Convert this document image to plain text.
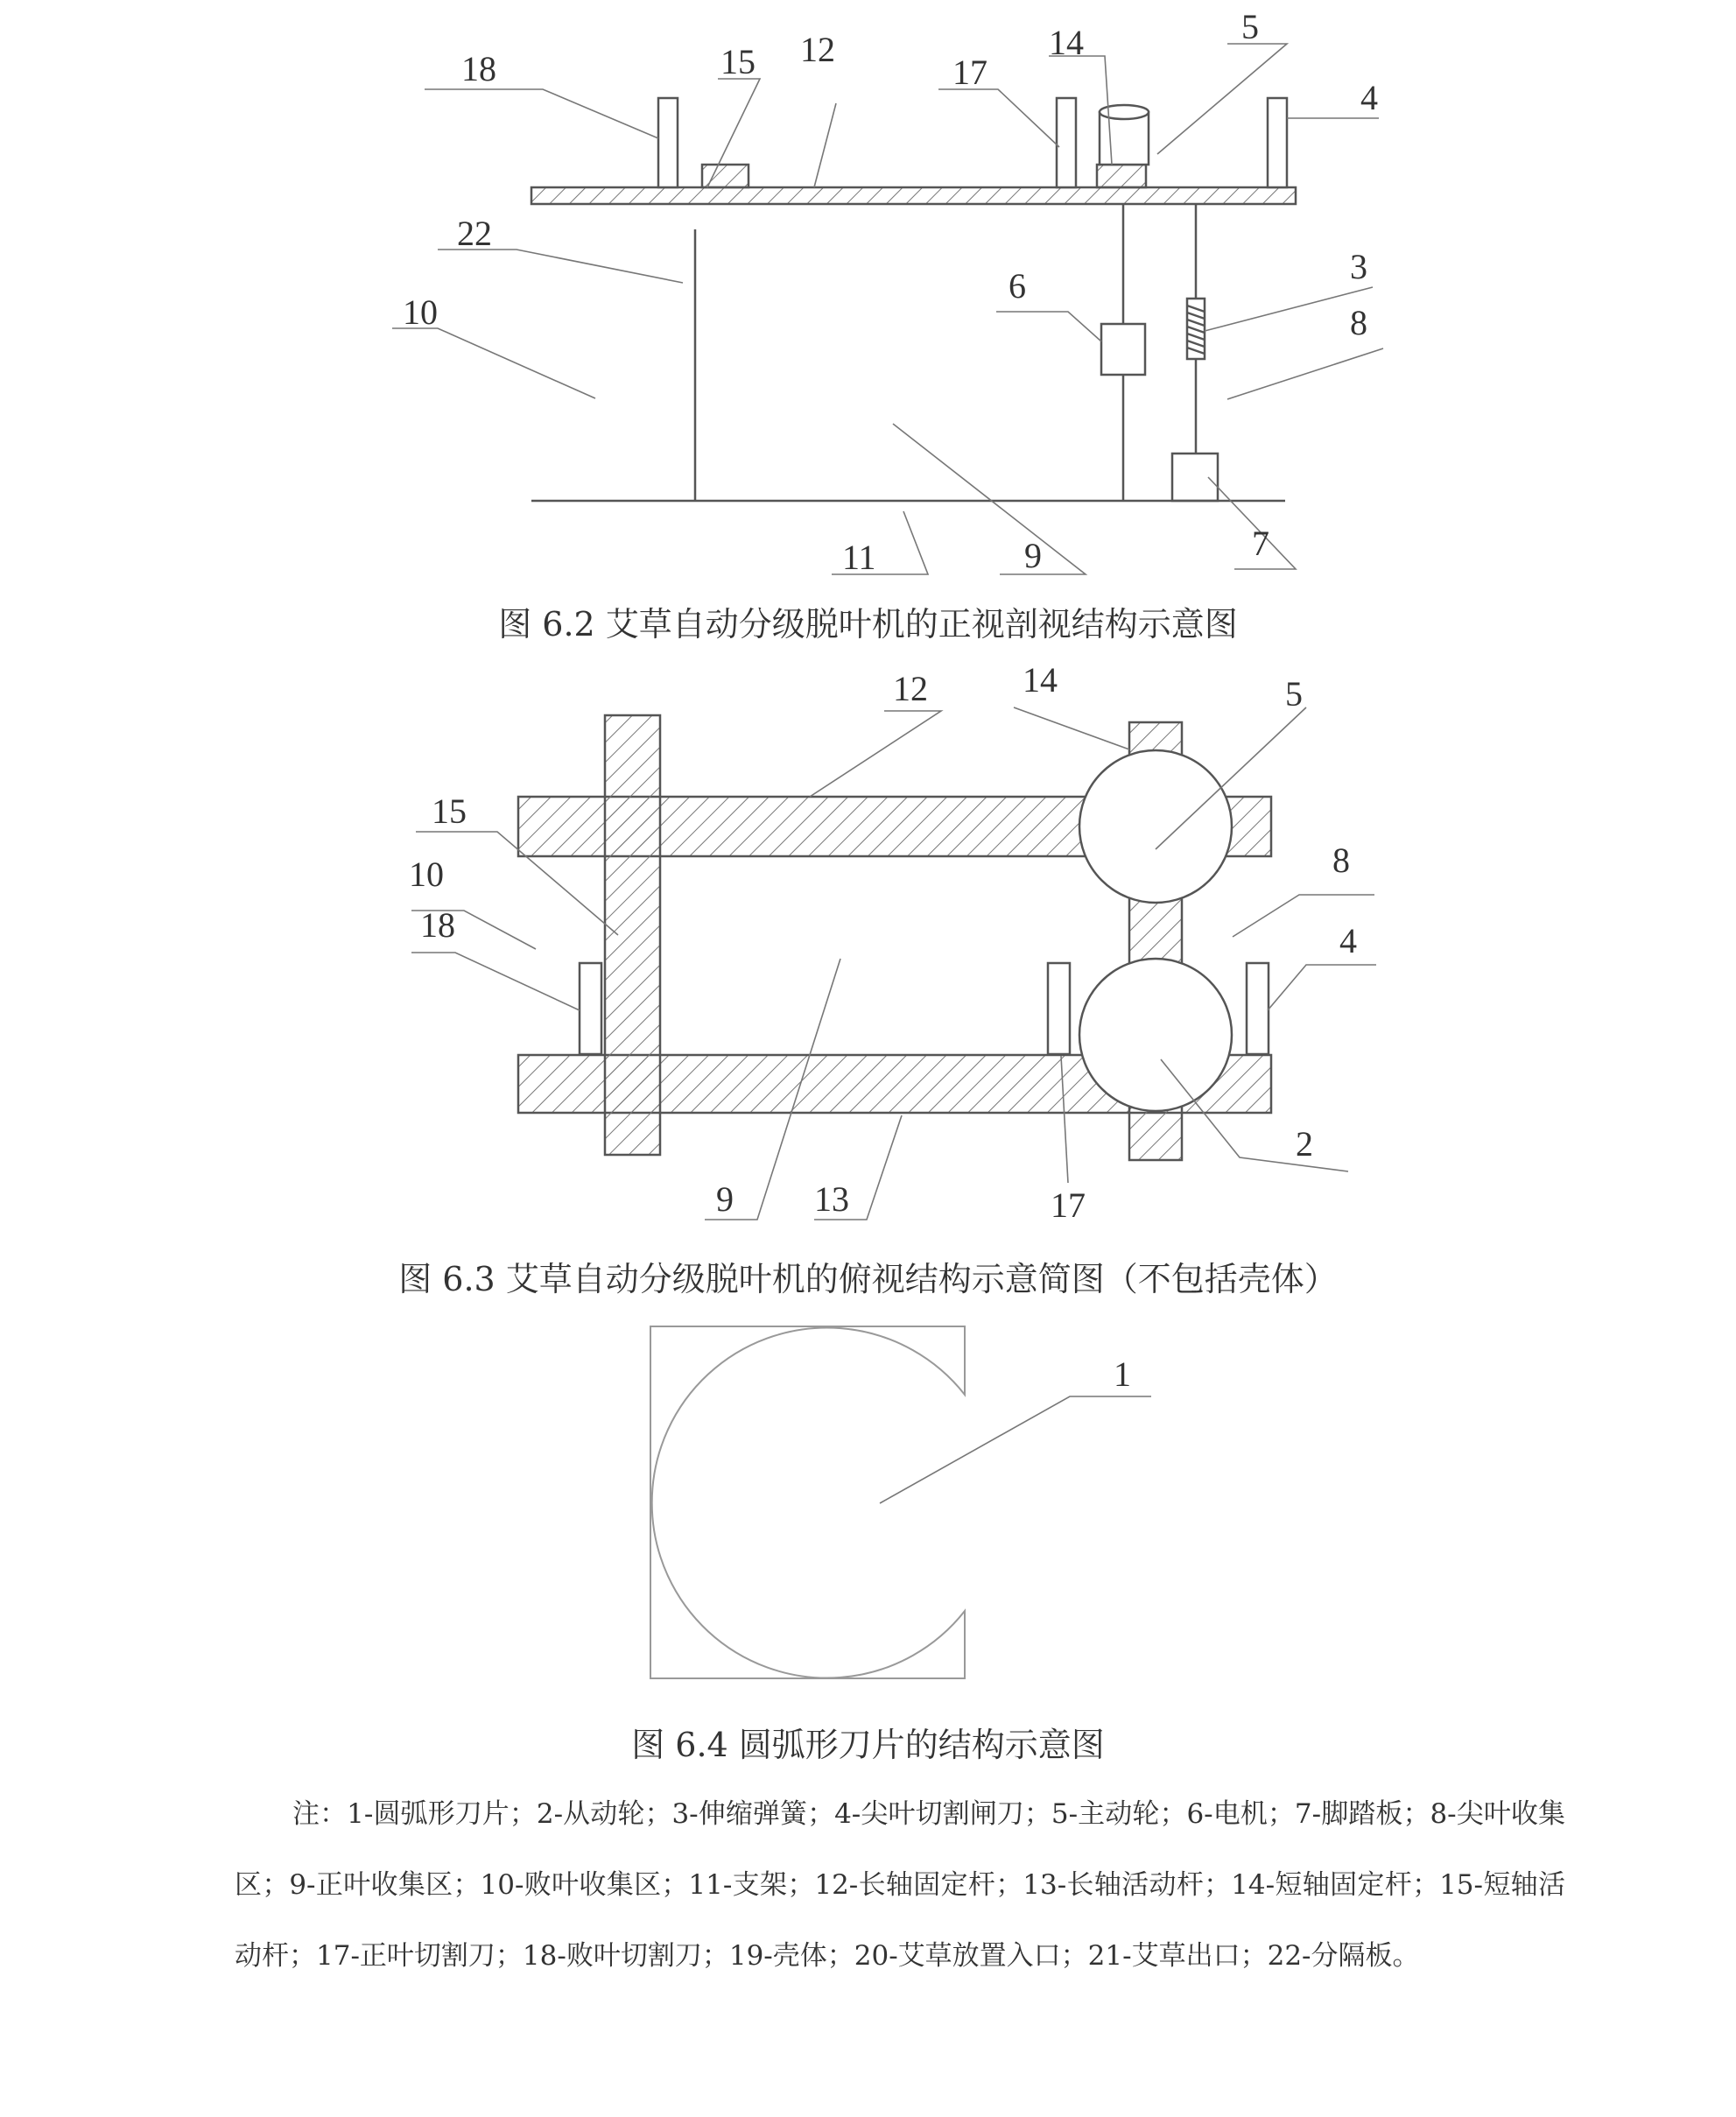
18	15 12
17
14	5
4
22
10
6	3
8
11	9	7
12	14	5
15
10
18
8
4
2
9 13	17
1
图 6.2 艾草自动分级脱叶机的正视剖视结构示意图
图 6.3 艾草自动分级脱叶机的俯视结构示意简图（不包括壳体）
图 6.4 圆弧形刀片的结构示意图
注：1-圆弧形刀片；2-从动轮；3-伸缩弹簧；4-尖叶切割闸刀；5-主动轮；6-电机；7-脚踏板；8-尖叶收集区；9-正叶收集区；10-败叶收集区；11-支架；12-长轴固定杆；13-长轴活动杆；14-短轴固定杆；15-短轴活动杆；17-正叶切割刀；18-败叶切割刀；19-壳体；20-艾草放置入口；21-艾草出口；22-分隔板。
